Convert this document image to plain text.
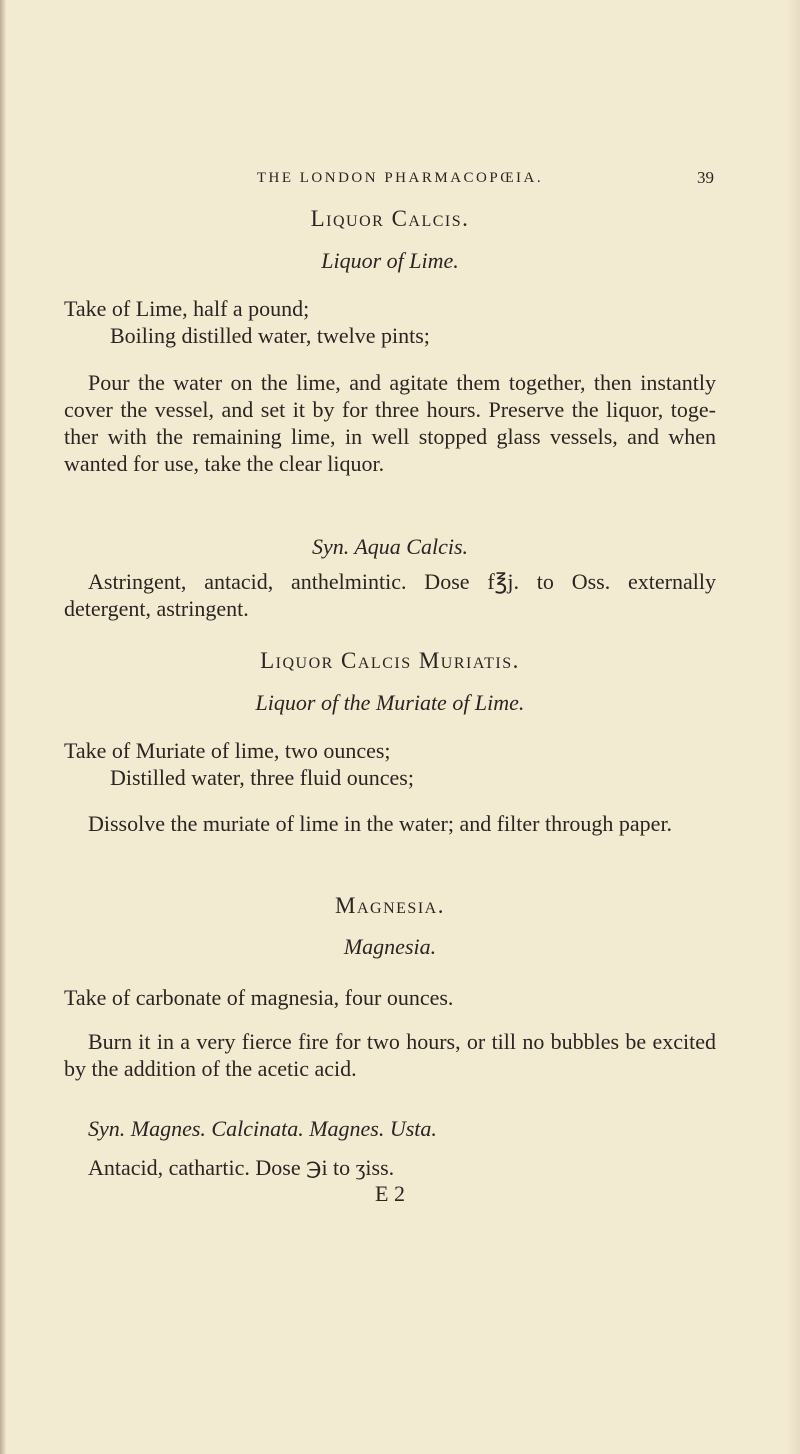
THE LONDON PHARMACOPŒIA.	39
Liquor Calcis.
Liquor of Lime.

Take of Lime, half a pound;

Boiling distilled water, twelve pints;

Pour the water on the lime, and agitate them together, then instantly cover the vessel, and set it by for three hours. Preserve the liquor, toge- ther with the remaining lime, in well stopped glass vessels, and when wanted for use, take the clear liquor.

Syn. Aqua Calcis.

Astringent, antacid, anthelmintic. Dose f℥j. to Oss. externally detergent, astringent.

Liquor Calcis Muriatis.
Liquor of the Muriate of Lime.

Take of Muriate of lime, two ounces;

Distilled water, three fluid ounces;

Dissolve the muriate of lime in the water; and filter through paper.

Magnesia.
Magnesia.

Take of carbonate of magnesia, four ounces.

Burn it in a very fierce fire for two hours, or till no bubbles be excited by the addition of the acetic acid.

Syn. Magnes. Calcinata. Magnes. Usta.

Antacid, cathartic. Dose ℈i to ʒiss.

E 2
